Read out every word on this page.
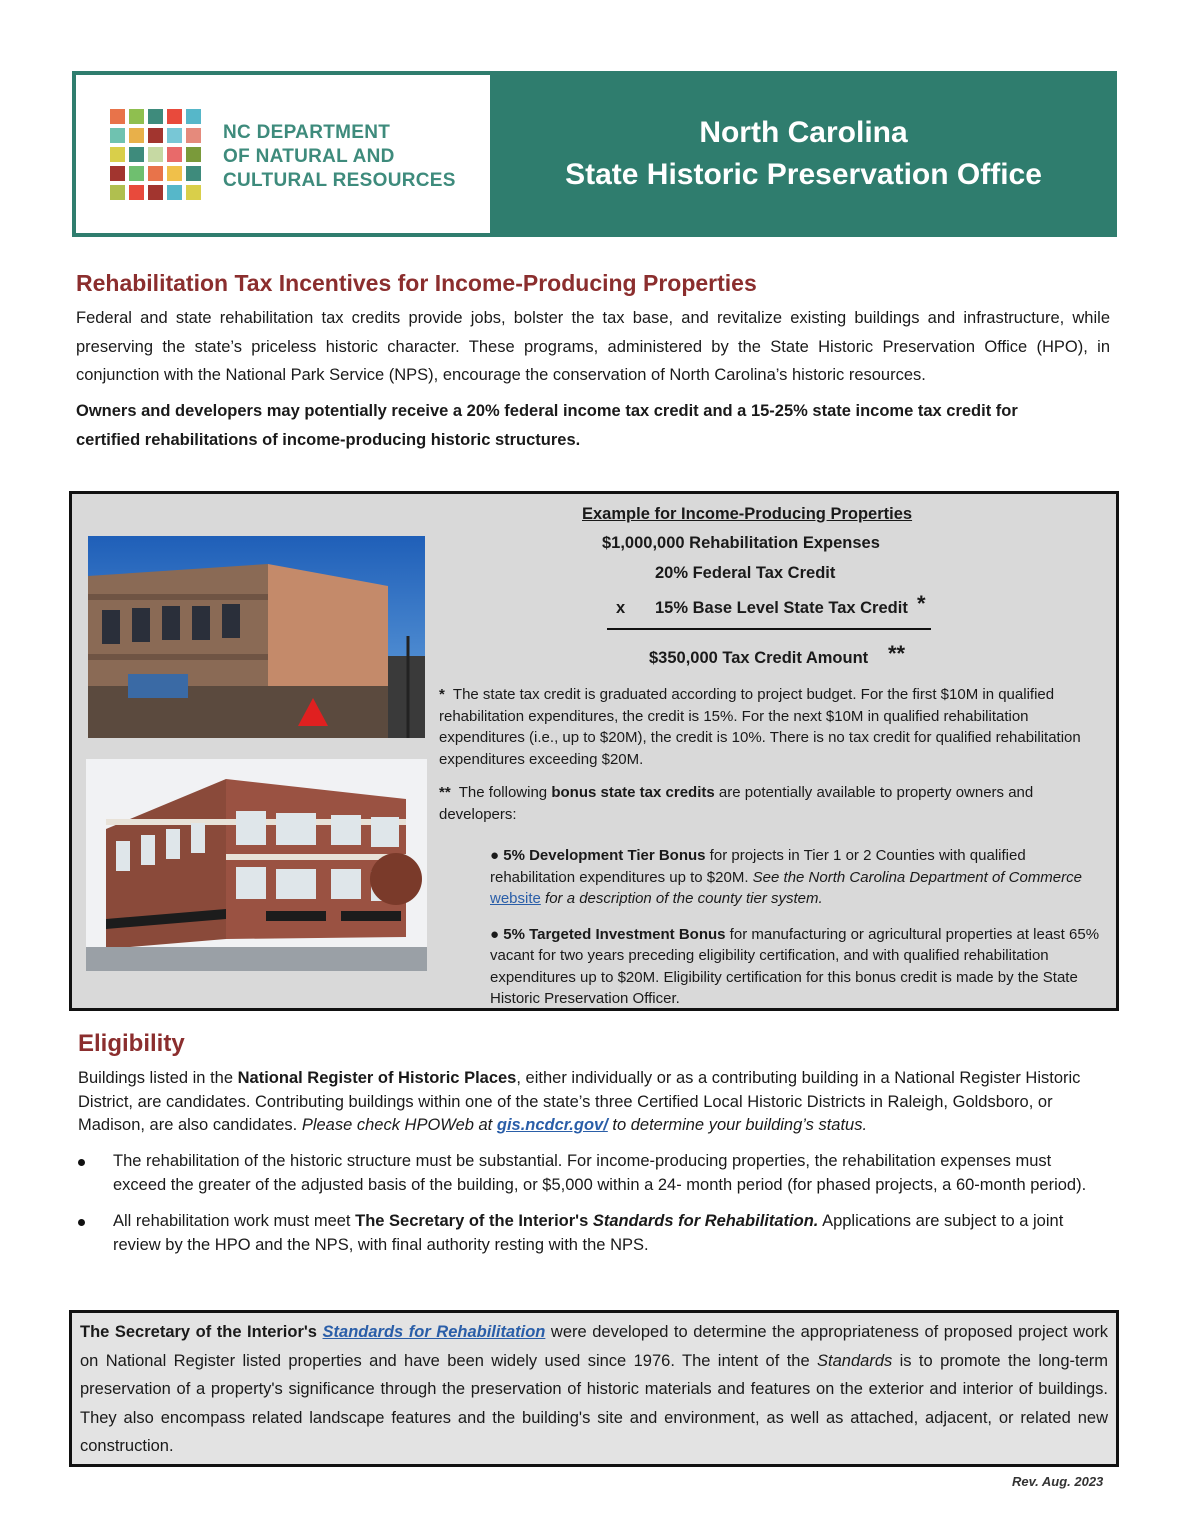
NC DEPARTMENT
OF NATURAL AND
CULTURAL RESOURCES
North Carolina
State Historic Preservation Office
Rehabilitation Tax Incentives for Income-Producing Properties
Federal and state rehabilitation tax credits provide jobs, bolster the tax base, and revitalize existing buildings and infrastructure, while preserving the state’s priceless historic character. These programs, administered by the State Historic Preservation Office (HPO), in conjunction with the National Park Service (NPS), encourage the conservation of North Carolina’s historic resources.
Owners and developers may potentially receive a 20% federal income tax credit and a 15-25% state income tax credit for certified rehabilitations of income-producing historic structures.
Example for Income-Producing Properties
$1,000,000 Rehabilitation Expenses
20% Federal Tax Credit
x 15% Base Level State Tax Credit *
$350,000 Tax Credit Amount **

* The state tax credit is graduated according to project budget. For the first $10M in qualified rehabilitation expenditures, the credit is 15%. For the next $10M in qualified rehabilitation expenditures (i.e., up to $20M), the credit is 10%. There is no tax credit for qualified rehabilitation expenditures exceeding $20M.

** The following bonus state tax credits are potentially available to property owners and developers:

● 5% Development Tier Bonus for projects in Tier 1 or 2 Counties with qualified rehabilitation expenditures up to $20M. See the North Carolina Department of Commerce website for a description of the county tier system.

● 5% Targeted Investment Bonus for manufacturing or agricultural properties at least 65% vacant for two years preceding eligibility certification, and with qualified rehabilitation expenditures up to $20M. Eligibility certification for this bonus credit is made by the State Historic Preservation Officer.

Eligibility
Buildings listed in the National Register of Historic Places, either individually or as a contributing building in a National Register Historic District, are candidates. Contributing buildings within one of the state’s three Certified Local Historic Districts in Raleigh, Goldsboro, or Madison, are also candidates. Please check HPOWeb at gis.ncdcr.gov/ to determine your building’s status.
The rehabilitation of the historic structure must be substantial. For income-producing properties, the rehabilitation expenses must exceed the greater of the adjusted basis of the building, or $5,000 within a 24- month period (for phased projects, a 60-month period).
All rehabilitation work must meet The Secretary of the Interior's Standards for Rehabilitation. Applications are subject to a joint review by the HPO and the NPS, with final authority resting with the NPS.
The Secretary of the Interior's Standards for Rehabilitation were developed to determine the appropriateness of proposed project work on National Register listed properties and have been widely used since 1976. The intent of the Standards is to promote the long-term preservation of a property's significance through the preservation of historic materials and features on the exterior and interior of buildings. They also encompass related landscape features and the building's site and environment, as well as attached, adjacent, or related new construction.
Rev. Aug. 2023
